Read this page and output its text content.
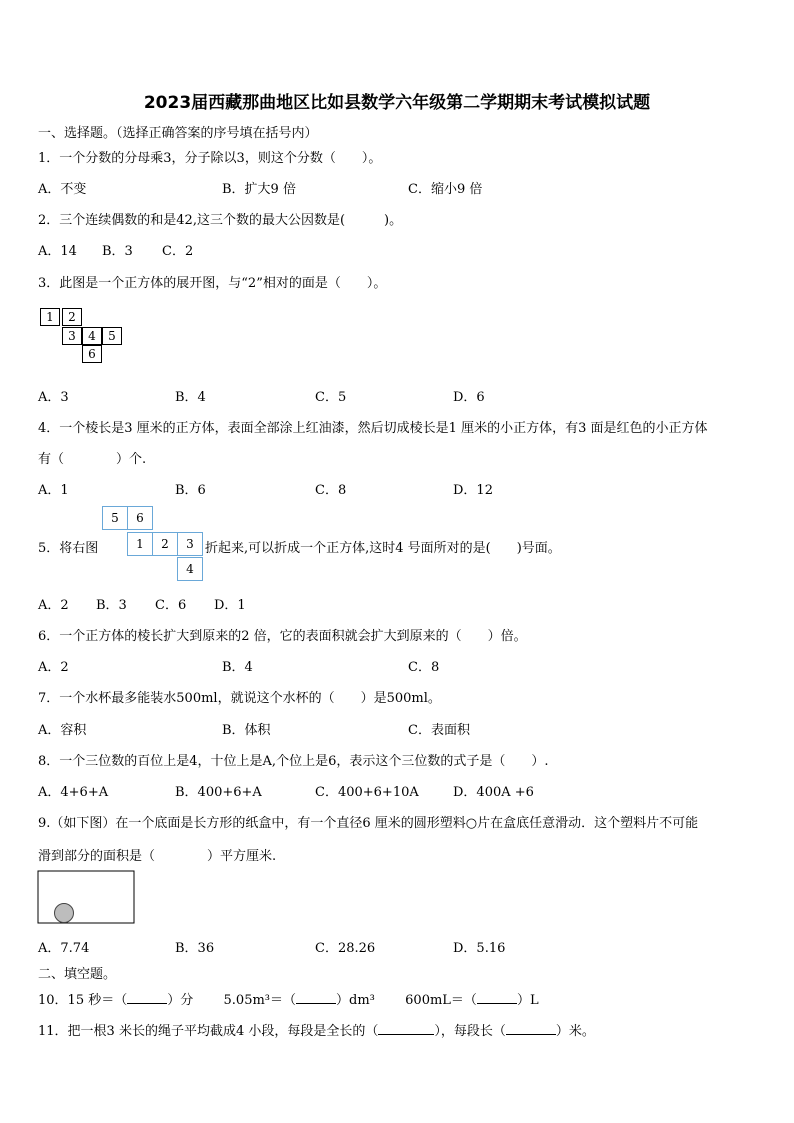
2023届西藏那曲地区比如县数学六年级第二学期期末考试模拟试题
一、选择题。（选择正确答案的序号填在括号内）
1．一个分数的分母乘3，分子除以3，则这个分数（　　）。
A．不变	B．扩大9 倍	C．缩小9 倍
2．三个连续偶数的和是42,这三个数的最大公因数是(　　　)。
A．14 B．3 C．2
3．此图是一个正方体的展开图，与“2”相对的面是（　　）。
1	2
3	4	5
6
A．3	B．4	C．5	D．6
4．一个棱长是3 厘米的正方体，表面全部涂上红油漆，然后切成棱长是1 厘米的小正方体，有3 面是红色的小正方体
有（　　　　）个.
A．1	B．6	C．8	D．12
5．将右图
5	6
1	2	3
4
折起来,可以折成一个正方体,这时4 号面所对的是(　　)号面。
A．2 B．3 C．6 D．1
6．一个正方体的棱长扩大到原来的2 倍，它的表面积就会扩大到原来的（　　）倍。
A．2	B．4	C．8
7．一个水杯最多能装水500ml，就说这个水杯的（　　）是500ml。
A．容积	B．体积	C．表面积
8．一个三位数的百位上是4，十位上是A,个位上是6，表示这个三位数的式子是（　　）.
A．4+6+A	B．400+6+A	C．400+6+10A	D．400A +6
9.（如下图）在一个底面是长方形的纸盒中，有一个直径6 厘米的圆形塑料○片在盒底任意滑动．这个塑料片不可能
滑到部分的面积是（　　　　）平方厘米.
A．7.74	B．36	C．28.26	D．5.16
二、填空题。
10．15 秒＝（	）分 5.05m³＝（	）dm³ 600mL＝（	）L
11．把一根3 米长的绳子平均截成4 小段，每段是全长的（	），每段长（	）米。
